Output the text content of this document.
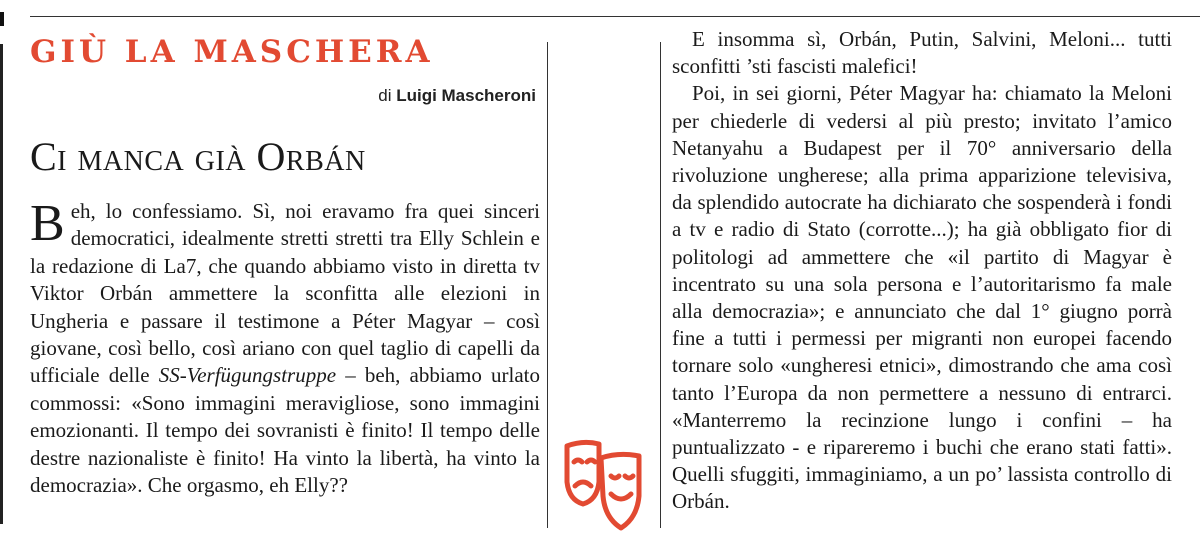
GIÙ LA MASCHERA
di Luigi Mascheroni
Ci manca già Orbán

Beh, lo confessiamo. Sì, noi eravamo fra quei sinceri democratici, idealmente stretti stretti tra Elly Schlein e la redazione di La7, che quando abbiamo visto in diretta tv Viktor Orbán ammettere la sconfitta alle elezioni in Ungheria e passare il testimone a Péter Magyar – così giovane, così bello, così ariano con quel taglio di capelli da ufficiale delle SS-Verfügungstruppe – beh, abbiamo urlato commossi: «Sono immagini meravigliose, sono immagini emozionanti. Il tempo dei sovranisti è finito! Il tempo delle destre nazionaliste è finito! Ha vinto la libertà, ha vinto la democrazia». Che orgasmo, eh Elly??

E insomma sì, Orbán, Putin, Salvini, Meloni... tutti sconfitti ’sti fascisti malefici!

Poi, in sei giorni, Péter Magyar ha: chiamato la Meloni per chiederle di vedersi al più presto; invitato l’amico Netanyahu a Budapest per il 70° anniversario della rivoluzione ungherese; alla prima apparizione televisiva, da splendido autocrate ha dichiarato che sospenderà i fondi a tv e radio di Stato (corrotte...); ha già obbligato fior di politologi ad ammettere che «il partito di Magyar è incentrato su una sola persona e l’autoritarismo fa male alla democrazia»; e annunciato che dal 1° giugno porrà fine a tutti i permessi per migranti non europei facendo tornare solo «ungheresi etnici», dimostrando che ama così tanto l’Europa da non permettere a nessuno di entrarci. «Manterremo la recinzione lungo i confini – ha puntualizzato - e ripareremo i buchi che erano stati fatti». Quelli sfuggiti, immaginiamo, a un po’ lassista controllo di Orbán.
